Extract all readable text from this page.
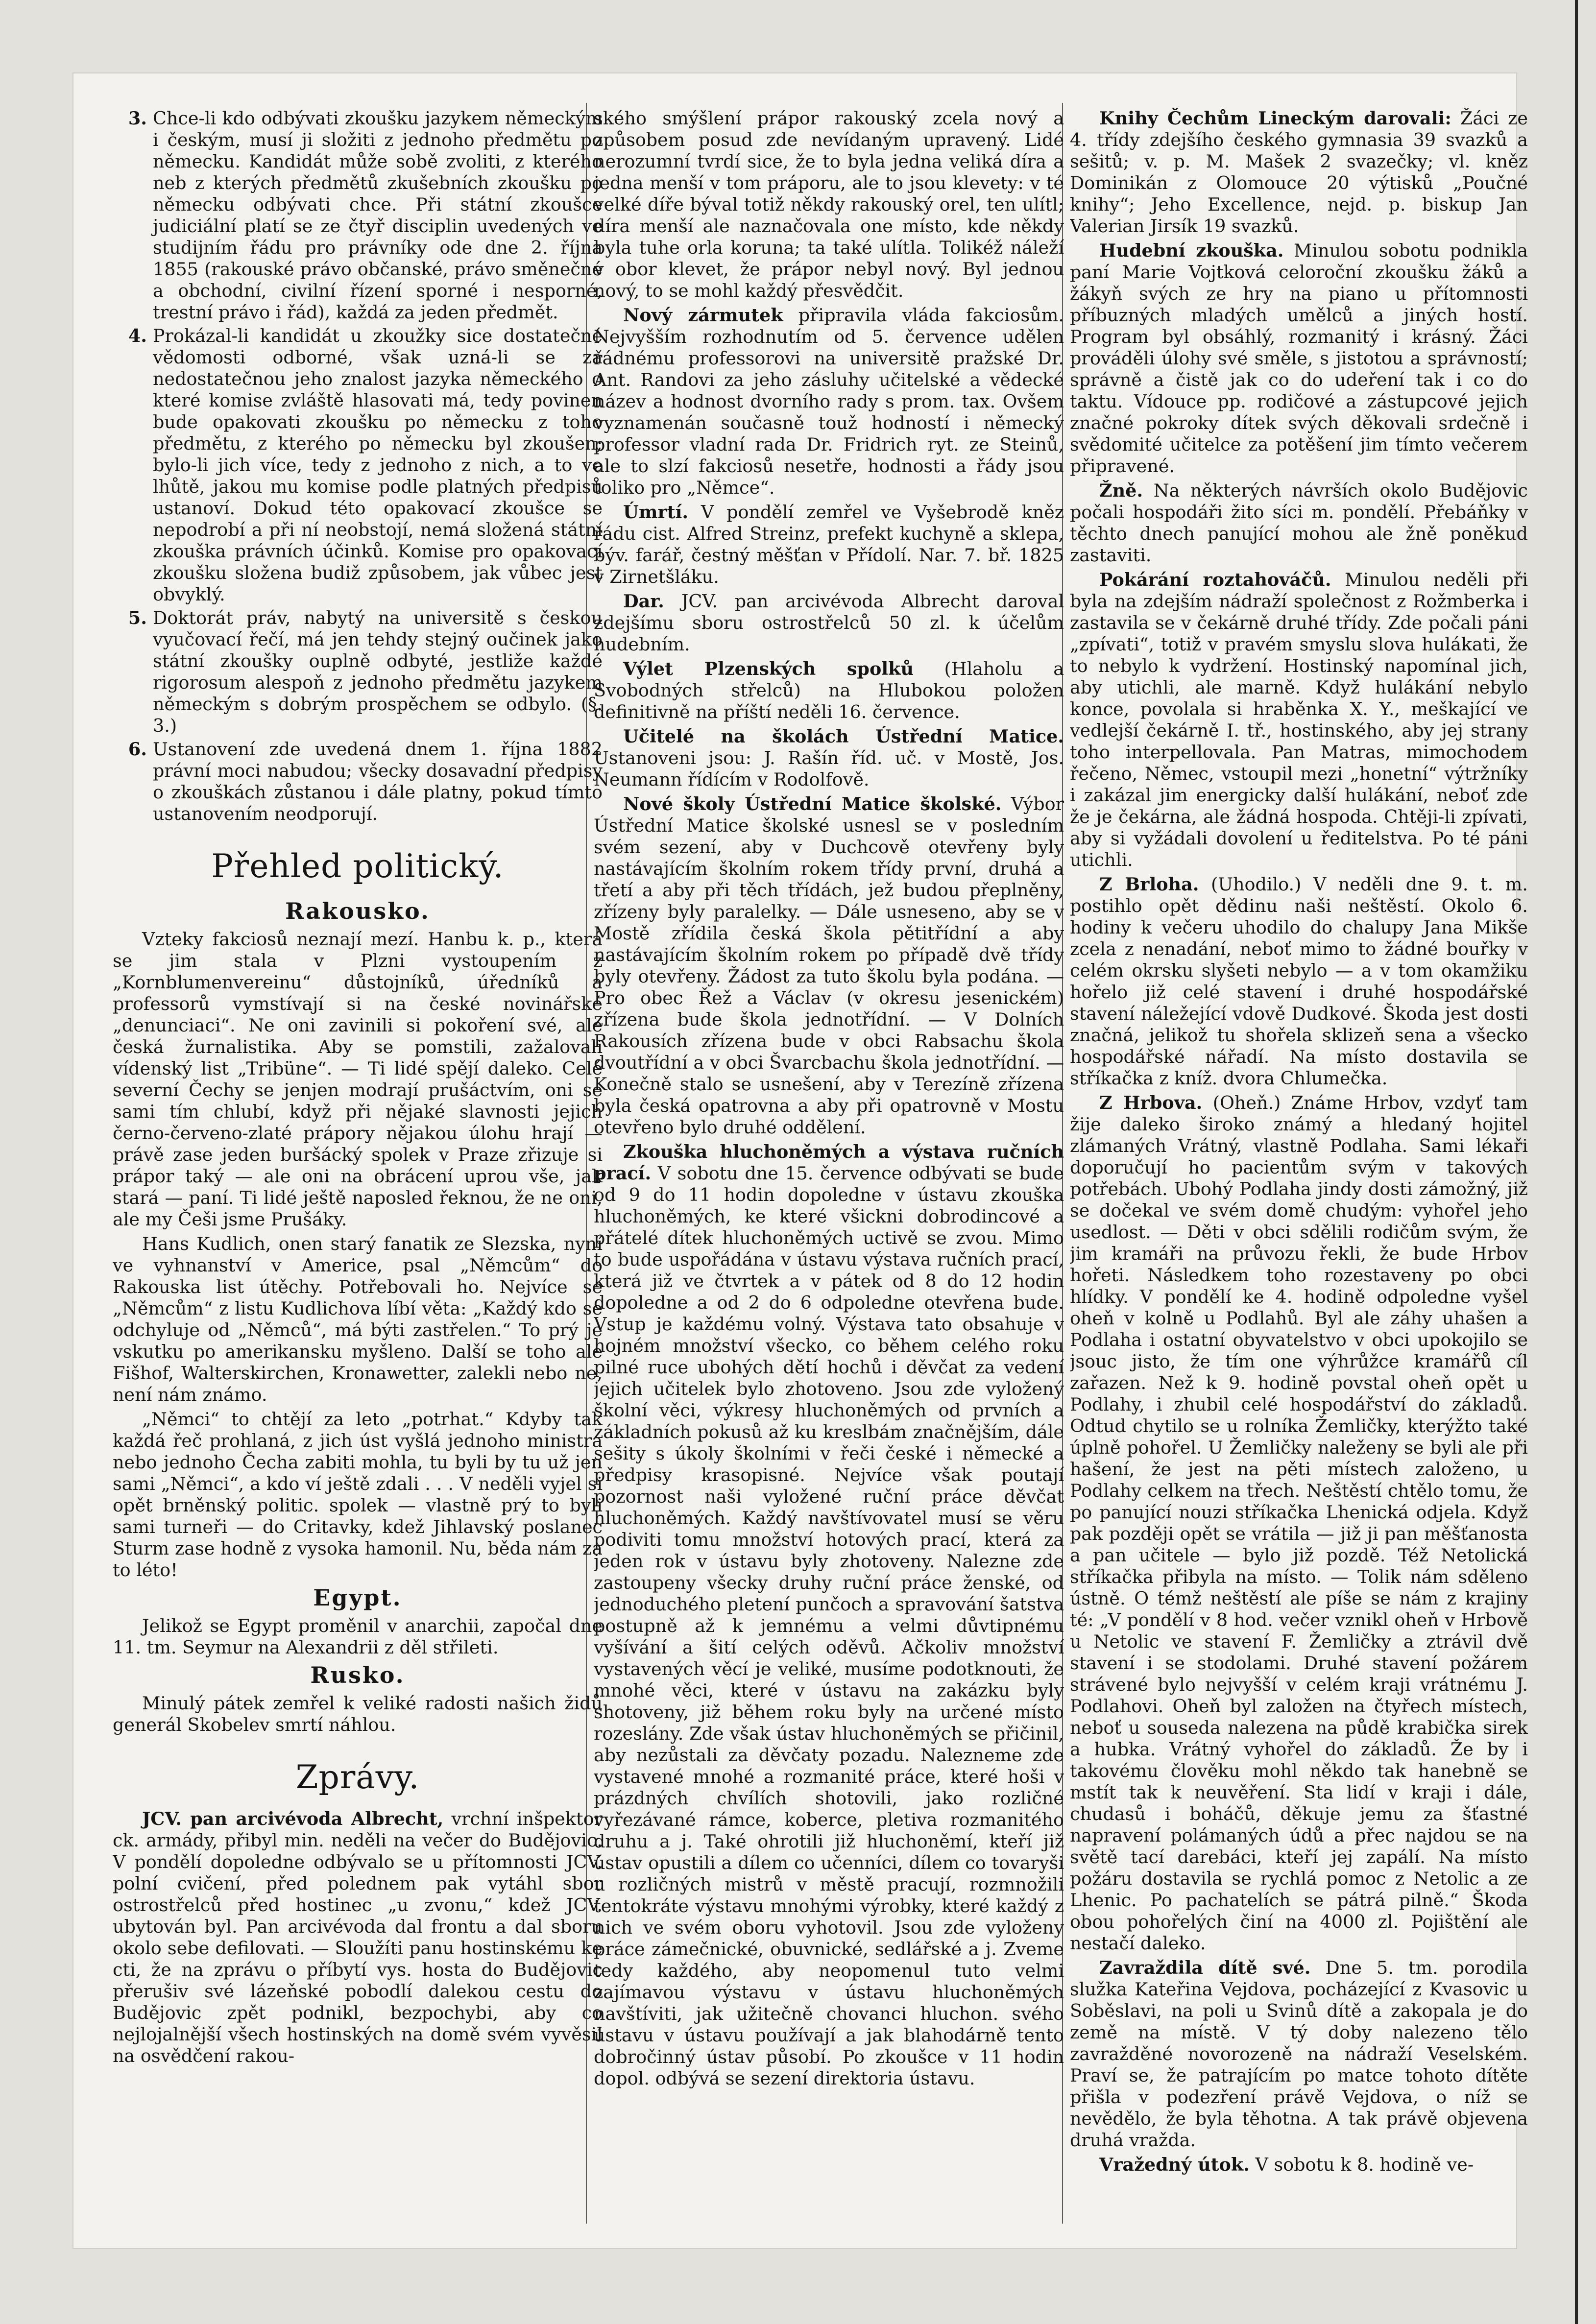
3. Chce-li kdo odbývati zkoušku jazykem německým i českým, musí ji složiti z jednoho předmětu po německu. Kandidát může sobě zvoliti, z kterého neb z kterých předmětů zkušebních zkoušku po německu odbývati chce. Při státní zkoušce judiciální platí se ze čtyř disciplin uvedených ve studijním řádu pro právníky ode dne 2. října 1855 (rakouské právo občanské, právo směnečné a obchodní, civilní řízení sporné i nesporné, trestní právo i řád), každá za jeden předmět.
4. Prokázal-li kandidát u zkoužky sice dostatečné vědomosti odborné, však uzná-li se za nedostatečnou jeho znalost jazyka německého o které komise zvláště hlasovati má, tedy povinen bude opakovati zkoušku po německu z toho předmětu, z kterého po německu byl zkoušen; bylo-li jich více, tedy z jednoho z nich, a to ve lhůtě, jakou mu komise podle platných předpisů ustanoví. Dokud této opakovací zkoušce se nepodrobí a při ní neobstojí, nemá složená státní zkouška právních účinků. Komise pro opakovací zkoušku složena budiž způsobem, jak vůbec jest obvyklý.
5. Doktorát práv, nabytý na universitě s českou vyučovací řečí, má jen tehdy stejný oučinek jako státní zkoušky ouplně odbyté, jestliže každé rigorosum alespoň z jednoho předmětu jazykem německým s dobrým prospěchem se odbylo. (§. 3.)
6. Ustanovení zde uvedená dnem 1. října 1882 právní moci nabudou; všecky dosavadní předpisy o zkouškách zůstanou i dále platny, pokud tímto ustanovením neodporují.
Přehled politický.
Rakousko.

Vztekу fakciosů neznají mezí. Hanbu k. p., která se jim stala v Plzni vystoupením z „Kornblumenvereinu“ důstojníků, úředníků a professorů vymstívají si na české novinářské „denunciaci“. Ne oni zavinili si pokoření své, ale česká žurnalistika. Aby se pomstili, zažalovali vídenský list „Tribüne“. — Ti lidé spějí daleko. Celé severní Čechy se jenjen modrají prušáctvím, oni se sami tím chlubí, když při nějaké slavnosti jejich černo-červeno-zlaté prápory nějakou úlohu hrají — právě zase jeden buršácký spolek v Praze zřizuje si prápor taký — ale oni na obrácení uprou vše, jak stará — paní. Ti lidé ještě naposled řeknou, že ne oni, ale my Češi jsme Prušáky.

Hans Kudlich, onen starý fanatik ze Slezska, nyní ve vyhnanství v Americe, psal „Němcům“ do Rakouska list útěchy. Potřebovali ho. Nejvíce se „Němcům“ z listu Kudlichova líbí věta: „Každý kdo se odchyluje od „Němců“, má býti zastřelen.“ To prý je vskutku po amerikansku myšleno. Další se toho ale Fišhof, Walterskirchen, Kronawetter, zalekli nebo ne, není nám známo.

„Němci“ to chtějí za leto „potrhat.“ Kdyby tak každá řeč prohlaná, z jich úst vyšlá jednoho ministra nebo jednoho Čecha zabiti mohla, tu byli by tu už jen sami „Němci“, a kdo ví ještě zdali . . . V neděli vyjel si opět brněnský politic. spolek — vlastně prý to byli sami turneři — do Critavky, kdež Jihlavský poslanec Sturm zase hodně z vysoka hamonil. Nu, běda nám za to léto!

Egypt.

Jelikož se Egypt proměnil v anarchii, započal dne 11. tm. Seymur na Alexandrii z děl střileti.

Rusko.

Minulý pátek zemřel k veliké radosti našich židů generál Skobelev smrtí náhlou.

Zprávy.

JCV. pan arcivévoda Albrecht, vrchní inšpektor ck. armády, přibyl min. neděli na večer do Budějovic. V pondělí dopoledne odbývalo se u přítomnosti JCV. polní cvičení, před polednem pak vytáhl sbor ostrostřelců před hostinec „u zvonu,“ kdež JCV. ubytován byl. Pan arcivévoda dal frontu a dal sboru okolo sebe defilovati. — Sloužíti panu hostinskému ke cti, že na zprávu o příbytí vys. hosta do Budějovic přerušiv své lázeňské pobodlí dalekou cestu do Budějovic zpět podnikl, bezpochybi, aby co nejlojalnější všech hostinských na domě svém vyvěsil na osvědčení rakou-

ského smýšlení prápor rakouský zcela nový a způsobem posud zde nevídaným upravený. Lidé nerozumní tvrdí sice, že to byla jedna veliká díra a jedna menší v tom práporu, ale to jsou klevety: v té velké díře býval totiž někdy rakouský orel, ten ulítl; díra menší ale naznačovala one místo, kde někdy byla tuhе orla koruna; ta také ulítla. Tolikéž náleží v obor klevet, že prápor nebyl nový. Byl jednou nový, to se mohl každý přesvědčit.

Nový zármutek připravila vláda fakciosům. Nejvyšším rozhodnutím od 5. července udělen řádnému professorovi na universitě pražské Dr. Ant. Randovi za jeho zásluhy učitelské a vědecké název a hodnost dvorního rady s prom. tax. Ovšem vyznamenán současně touž hodností i německý professor vladní rada Dr. Fridrich ryt. ze Steinů, ale to slzí fakciosů nesetře, hodnosti a řády jsou toliko pro „Němce“.

Úmrtí. V pondělí zemřel ve Vyšebrodě kněz řádu cist. Alfred Streinz, prefekt kuchyně a sklepa, býv. farář, čestný měšťan v Přídolí. Nar. 7. bř. 1825 v Zirnetšláku.

Dar. JCV. pan arcivévoda Albrecht daroval zdejšímu sboru ostrostřelců 50 zl. k účelům hudebním.

Výlet Plzenských spolků (Hlaholu a Svobodných střelců) na Hlubokou položen definitivně na příští neděli 16. července.

Učitelé na školách Ústřední Matice. Ustanoveni jsou: J. Rašín říd. uč. v Mostě, Jos. Neumann řídícím v Rodolfově.

Nové školy Ústřední Matice školské. Výbor Ústřední Matice školské usnesl se v posledním svém sezení, aby v Duchcově otevřeny byly nastávajícím školním rokem třídy první, druhá a třetí a aby při těch třídách, jež budou přeplněny, zřízeny byly paralelky. — Dále usneseno, aby se v Mostě zřídila česká škola pětitřídní a aby nastávajícím školním rokem po případě dvě třídy byly otevřeny. Žádost za tuto školu byla podána. — Pro obec Řež a Václav (v okresu jesenickém) zřízena bude škola jednotřídní. — V Dolních Rakousích zřízena bude v obci Rabsachu škola dvoutřídní a v obci Švarcbachu škola jednotřídní. — Konečně stalo se usnešení, aby v Terezíně zřízena byla česká opatrovna a aby při opatrovně v Mostu otevřeno bylo druhé oddělení.

Zkouška hluchoněmých a výstava ručních prací. V sobotu dne 15. července odbývati se bude od 9 do 11 hodin dopoledne v ústavu zkouška hluchoněmých, ke které všickni dobrodincové a přátelé dítek hluchoněmých uctivě se zvou. Mimo to bude uspořádána v ústavu výstava ručních prací, která již ve čtvrtek a v pátek od 8 do 12 hodin dopoledne a od 2 do 6 odpoledne otevřena bude. Vstup je každému volný. Výstava tato obsahuje v hojném množství všecko, co během celého roku pilné ruce ubohých dětí hochů i děvčat za vedení jejich učitelek bylo zhotoveno. Jsou zde vyložený školní věci, výkresy hluchoněmých od prvních a základních pokusů až ku kreslbám značnějším, dále sešity s úkoly školními v řeči české i německé a předpisy krasopisné. Nejvíce však poutají pozornost naši vyložené ruční práce děvčat hluchoněmých. Každý navštívovatel musí se věru podiviti tomu množství hotových prací, která za jeden rok v ústavu byly zhotoveny. Nalezne zde zastoupeny všecky druhy ruční práce ženské, od jednoduchého pletení punčoch a spravování šatstva postupně až k jemnému a velmi důvtipnému vyšívání a šití celých oděvů. Ačkoliv množství vystavených věcí je veliké, musíme podotknouti, že mnohé věci, které v ústavu na zakázku byly shotoveny, již během roku byly na určené místo rozeslány. Zde však ústav hluchoněmých se přičinil, aby nezůstali za děvčaty pozadu. Nalezneme zde vystavené mnohé a rozmanité práce, které hoši v prázdných chvílích shotovili, jako rozličné vyřezávané rámce, koberce, pletiva rozmanitého druhu a j. Také ohrotili již hluchoněmí, kteří již ústav opustili a dílem co učenníci, dílem co tovaryši u rozličných mistrů v městě pracují, rozmnožili tentokráte výstavu mnohými výrobky, které každý z nich ve svém oboru vyhotovil. Jsou zde vyloženy práce zámečnické, obuvnické, sedlářské a j. Zveme tedy každého, aby neopomenul tuto velmi zajímavou výstavu v ústavu hluchoněmých navštíviti, jak užitečně chovanci hluchon. svého ústavu v ústavu používají a jak blahodárně tento dobročinný ústav působí. Po zkoušce v 11 hodin dopol. odbývá se sezení direktoria ústavu.

Knihy Čechům Lineckým darovali: Žáci ze 4. třídy zdejšího českého gymnasia 39 svazků a sešitů; v. p. M. Mašek 2 svazečky; vl. kněz Dominikán z Olomouce 20 výtisků „Poučné knihy“; Jeho Excellence, nejd. p. biskup Jan Valerian Jirsík 19 svazků.

Hudební zkouška. Minulou sobotu podnikla paní Marie Vojtková celoroční zkoušku žáků a žákyň svých ze hry na piano u přítomnosti příbuzných mladých umělců a jiných hostí. Program byl obsáhlý, rozmanitý i krásný. Žáci prováděli úlohy své směle, s jistotou a správností; správně a čistě jak co do udeření tak i co do taktu. Vídouce pp. rodičové a zástupcové jejich značné pokroky dítek svých děkovali srdečně i svědomité učitelce za potěšení jim tímto večerem připravené.

Žně. Na některých návrších okolo Budějovic počali hospodáři žito síci m. pondělí. Přebáňky v těchto dnech panující mohou ale žně poněkud zastaviti.

Pokárání roztahováčů. Minulou neděli při byla na zdejším nádraží společnost z Rožmberka i zastavila se v čekárně druhé třídy. Zde počali páni „zpívati“, totiž v pravém smyslu slova hulákati, že to nebylo k vydržení. Hostinský napomínal jich, aby utichli, ale marně. Když hulákání nebylo konce, povolala si hraběnka X. Y., meškající ve vedlejší čekárně I. tř., hostinského, aby jej strany toho interpellovala. Pan Matras, mimochodem řečeno, Němec, vstoupil mezi „honetní“ výtržníky i zakázal jim energicky další hulákání, neboť zde že je čekárna, ale žádná hospoda. Chtěji-li zpívati, aby si vyžádali dovolení u ředitelstva. Po té páni utichli.

Z Brloha. (Uhodilo.) V neděli dne 9. t. m. postihlo opět dědinu naši neštěstí. Okolo 6. hodiny k večeru uhodilo do chalupy Jana Mikše zcela z nenadání, neboť mimo to žádné bouřky v celém okrsku slyšeti nebylo — a v tom okamžiku hořelo již celé stavení i druhé hospodářské stavení náležející vdově Dudkové. Škoda jest dosti značná, jelikož tu shořela sklizeň sena a všecko hospodářské nářadí. Na místo dostavila se stříkačka z kníž. dvora Chlumečka.

Z Hrbova. (Oheň.) Známe Hrbov, vzdyť tam žije daleko široko známý a hledaný hojitel zlámaných Vrátný, vlastně Podlaha. Sami lékaři doporučují ho pacientům svým v takových potřebách. Ubohý Podlaha jindy dosti zámožný, již se dočekal ve svém domě chudým: vyhořel jeho usedlost. — Děti v obci sdělili rodičům svým, že jim kramáři na průvozu řekli, že bude Hrbov hořeti. Následkem toho rozestaveny po obci hlídky. V pondělí ke 4. hodině odpoledne vyšel oheň v kolně u Podlahů. Byl ale záhy uhašen a Podlaha i ostatní obyvatelstvo v obci upokojilo se jsouc jisto, že tím one výhrůžce kramářů cíl zařazen. Než k 9. hodině povstal oheň opět u Podlahy, i zhubil celé hospodářství do základů. Odtud chytilo se u rolníka Žemličky, kterýžto také úplně pohořel. U Žemličky naleženy se byli ale při hašení, že jest na pěti místech založeno, u Podlahy celkem na třech. Neštěstí chtělo tomu, že po panující nouzi stříkačka Lhenická odjela. Když pak později opět se vrátila — již ji pan měšťanosta a pan učitele — bylo již pozdě. Též Netolická stříkačka přibyla na místo. — Tolik nám sděleno ústně. O témž neštěstí ale píše se nám z krajiny té: „V pondělí v 8 hod. večer vznikl oheň v Hrbově u Netolic ve stavení F. Žemličky a ztrávil dvě stavení i se stodolami. Druhé stavení požárem strávené bylo nejvyšší v celém kraji vrátnému J. Podlahovi. Oheň byl založen na čtyřech místech, neboť u souseda nalezena na půdě krabička sirek a hubka. Vrátný vyhořel do základů. Že by i takovému člověku mohl někdo tak hanebně se mstít tak k neuvěření. Sta lidí v kraji i dále, chudasů i boháčů, děkuje jemu za šťastné napravení polámaných údů a přec najdou se na světě tací darebáci, kteří jej zapálí. Na místo požáru dostavila se rychlá pomoc z Netolic a ze Lhenic. Po pachatelích se pátrá pilně.“ Škoda obou pohořelých činí na 4000 zl. Pojištění ale nestačí daleko.

Zavraždila dítě své. Dne 5. tm. porodila služka Kateřina Vejdova, pocházející z Kvasovic u Soběslavi, na poli u Svinů dítě a zakopala je do země na místě. V tý doby nalezeno tělo zavražděné novorozeně na nádraží Veselském. Praví se, že patrajícím po matce tohoto dítěte přišla v podezření právě Vejdova, o níž se nevědělo, že byla těhotna. A tak právě objevena druhá vražda.

Vražedný útok. V sobotu k 8. hodině ve-
